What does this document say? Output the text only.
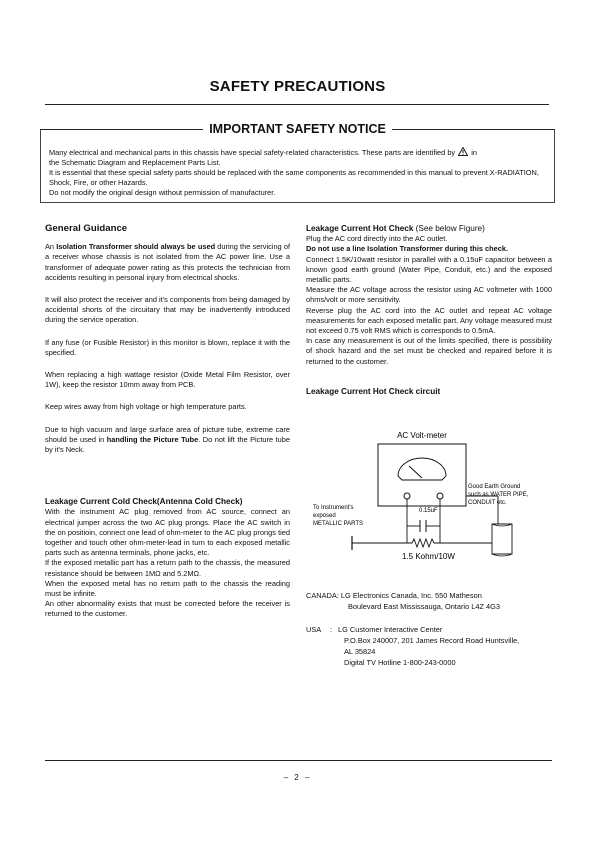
SAFETY PRECAUTIONS
IMPORTANT SAFETY NOTICE

Many electrical and mechanical parts in this chassis have special safety-related characteristics. These parts are identified by in

the Schematic Diagram and Replacement Parts List.

It is essential that these special safety parts should be replaced with the same components as recommended in this manual to prevent X-RADIATION, Shock, Fire, or other Hazards.

Do not modify the original design without permission of manufacturer.

General Guidance

An Isolation Transformer should always be used during the servicing of a receiver whose chassis is not isolated from the AC power line. Use a transformer of adequate power rating as this protects the technician from accidents resulting in personal injury from electrical shocks.

It will also protect the receiver and it's components from being damaged by accidental shorts of the circuitary that may be inadvertently introduced during the service operation.

If any fuse (or Fusible Resistor) in this monitor is blown, replace it with the specified.

When replacing a high wattage resistor (Oxide Metal Film Resistor, over 1W), keep the resistor 10mm away from PCB.

Keep wires away from high voltage or high temperature parts.

Due to high vacuum and large surface area of picture tube, extreme care should be used in handling the Picture Tube. Do not lift the Picture tube by it's Neck.

Leakage Current Cold Check(Antenna Cold Check)

With the instrument AC plug removed from AC source, connect an electrical jumper across the two AC plug prongs. Place the AC switch in the on positioin, connect one lead of ohm-meter to the AC plug prongs tied together and touch other ohm-meter-lead in turn to each exposed metallic parts such as antenna terminals, phone jacks, etc.

If the exposed metallic part has a return path to the chassis, the measured resistance should be between 1MΩ and 5.2MΩ.

When the exposed metal has no return path to the chassis the reading must be infinite.

An other abnormality exists that must be corrected before the receiver is returned to the customer.

Leakage Current Hot Check (See below Figure)

Plug the AC cord directly into the AC outlet.

Do not use a line Isolation Transformer during this check.

Connect 1.5K/10watt resistor in parallel with a 0.15uF capacitor between a known good earth ground (Water Pipe, Conduit, etc.) and the exposed metallic parts.

Measure the AC voltage across the resistor using AC voltmeter with 1000 ohms/volt or more sensitivity.

Reverse plug the AC cord into the AC outlet and repeat AC voltage measurements for each exposed metallic part. Any voltage measured must not exceed 0.75 volt RMS which is corresponds to 0.5mA.

In case any measurement is out of the limits specified, there is possibility of shock hazard and the set must be checked and repaired before it is returned to the customer.

Leakage Current Hot Check circuit
AC Volt-meter
0.15uF
Good Earth Ground
such as WATER PIPE,
CONDUIT etc.
To Instrument's
exposed
METALLIC PARTS
1.5 Kohm/10W
CANADA: LG Electronics Canada, Inc. 550 Matheson
Boulevard East Mississauga, Ontario L4Z 4G3
USA : LG Customer Interactive Center
P.O.Box 240007, 201 James Record Road Huntsville,
AL 35824
Digital TV Hotline 1-800-243-0000
– 2 –
